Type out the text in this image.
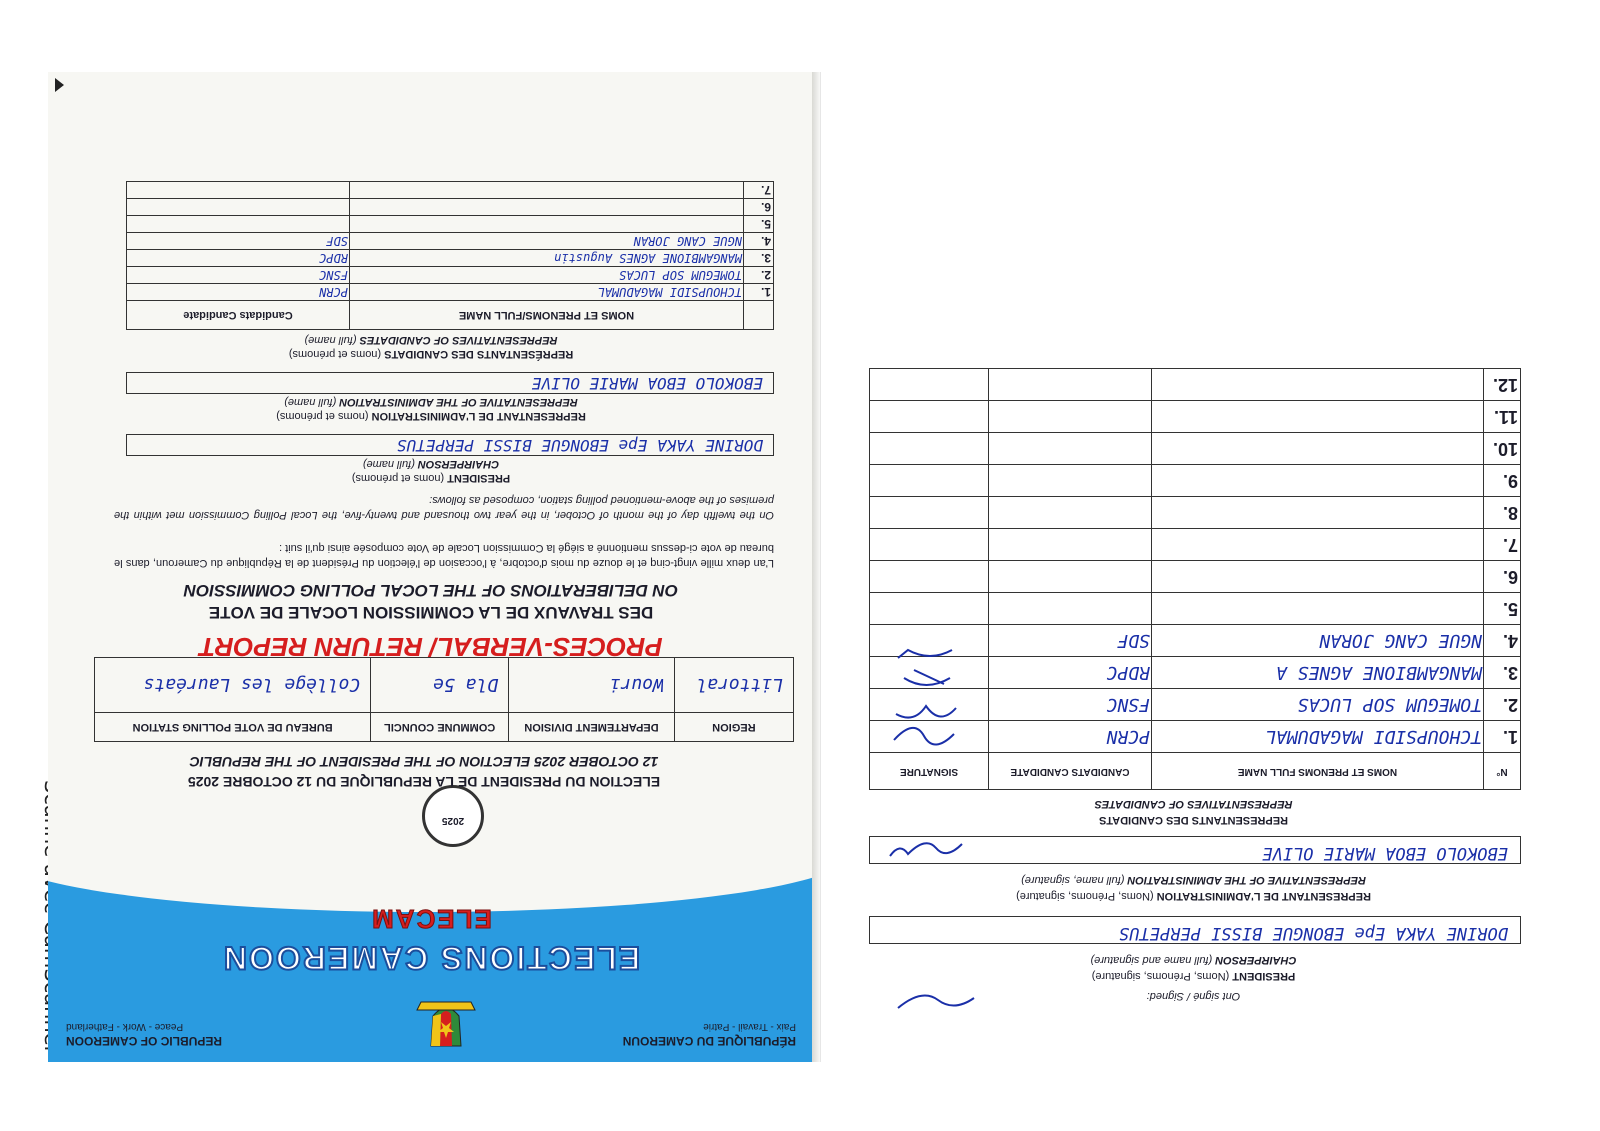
RÉPUBLIQUE DU CAMEROUN
Paix - Travail - Patrie
REPUBLIC OF CAMEROON
Peace - Work - Fatherland
ELECTIONS CAMEROON
ELECAM
2025
ELECTION DU PRESIDENT DE LA REPUBLIQUE DU 12 OCTOBRE 2025
12 OCTOBER 2025 ELECTION OF THE PRESIDENT OF THE REPUBLIC
REGION	DEPARTEMENT DIVISION	COMMUNE COUNCIL	BUREAU DE VOTE POLLING STATION
Littoral	Wouri	Dla 5e	Collège les Lauréats
PROCES-VERBAL/ RETURN REPORT
DES TRAVAUX DE LA COMMISSION LOCALE DE VOTE
ON DELIBERATIONS OF THE LOCAL POLLING COMMISSION
L'an deux mille vingt-cinq et le douze du mois d'octobre, à l'occasion de l'élection du Président de la République du Cameroun, dans le bureau de vote ci-dessus mentionné a siégé la Commission Locale de Vote composée ainsi qu'il suit :
On the twelfth day of the month of October, in the year two thousand and twenty-five, the Local Polling Commission met within the premises of the above-mentioned polling station, composed as follows:
PRESIDENT (noms et prénoms)
CHAIRPERSON (full name)
DORINE YAKA Epe EBONGUE BISSI PERPETUS
REPRESENTANT DE L'ADMINISTRATION (noms et prénoms)
REPRESENTATIVE OF THE ADMINISTRATION (full name)
EBOKOLO EBOA MARIE OLIVE
REPRÉSENTANTS DES CANDIDATS (noms et prénoms)
REPRESENTATIVES OF CANDIDATES (full name)
	NOMS ET PRENOMS/FULL NAME	Candidats Candidate
1.	TCHOUPSIDI MAGADUMAL	PCRN
2.	TOMEGUM SOP LUCAS	FSNC
3.	MANGAMBIONE AGNES Augustin	RDPC
4.	NGUE CANG JORAN	SDF
5.		
6.		
7.		
Ont signé / Signed:
PRESIDENT (Noms, Prénoms, signature)
CHAIRPERSON (full name and signature)
DORINE YAKA Epe EBONGUE BISSI PERPETUS
REPRESENTANT DE L'ADMINISTRATION (Noms, Prénoms, signature)
REPRESENTATIVE OF THE ADMINISTRATION (full name, signature)
EBOKOLO EBOA MARIE OLIVE
REPRESENTANTS DES CANDIDATS
REPRESENTATIVES OF CANDIDATES
N°	NOMS ET PRENOMS FULL NAME	CANDIDATS CANDIDATE	SIGNATURE
1.	TCHOUPSIDI MAGADUMAL	PCRN	
2.	TOMEGUM SOP LUCAS	FSNC	
3.	MANGAMBIONE AGNES A	RDPC	
4.	NGUE CANG JORAN	SDF	
5.			
6.			
7.			
8.			
9.			
10.			
11.			
12.			
